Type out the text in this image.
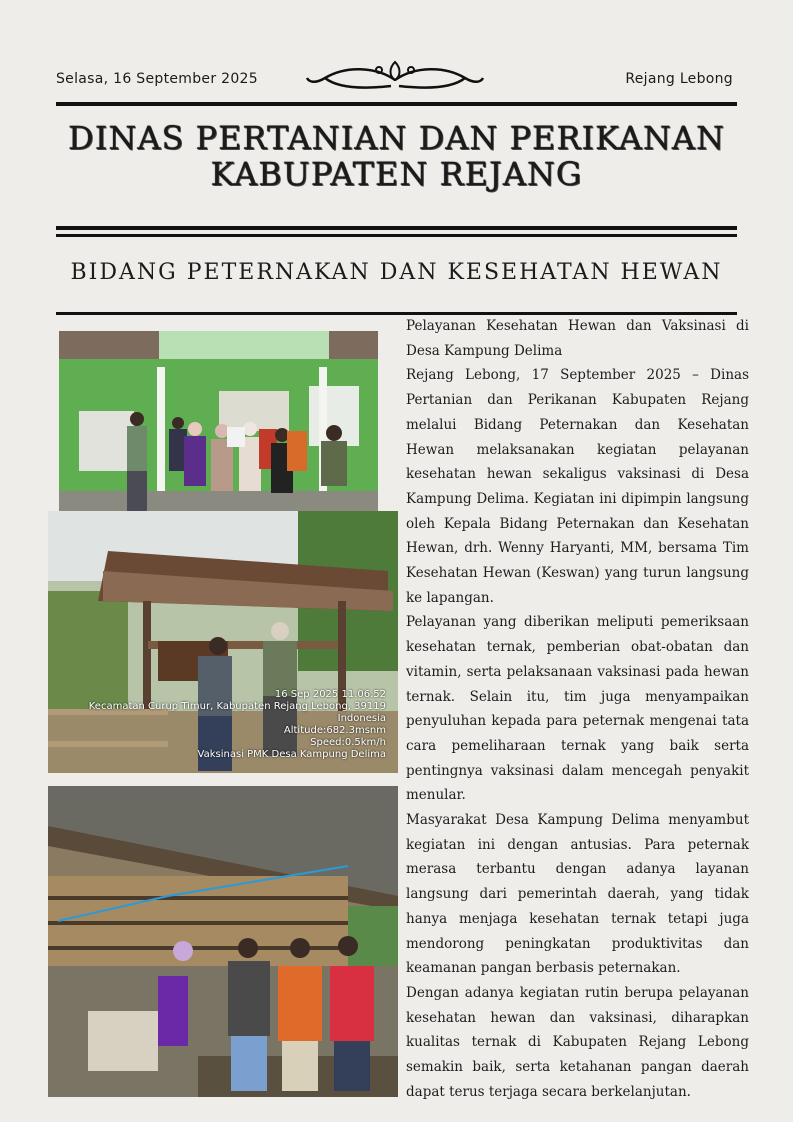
Selasa, 16 September 2025	Rejang Lebong
DINAS PERTANIAN DAN PERIKANAN
KABUPATEN REJANG
BIDANG PETERNAKAN DAN KESEHATAN HEWAN
16 Sep 2025 11.06.52
Kecamatan Curup Timur, Kabupaten Rejang Lebong, 39119
Indonesia
Altitude:682.3msnm
Speed:0.5km/h
Vaksinasi PMK Desa Kampung Delima

Pelayanan Kesehatan Hewan dan Vaksinasi di Desa Kampung Delima

Rejang Lebong, 17 September 2025 – Dinas Pertanian dan Perikanan Kabupaten Rejang melalui Bidang Peternakan dan Kesehatan Hewan melaksanakan kegiatan pelayanan kesehatan hewan sekaligus vaksinasi di Desa Kampung Delima. Kegiatan ini dipimpin langsung oleh Kepala Bidang Peternakan dan Kesehatan Hewan, drh. Wenny Haryanti, MM, bersama Tim Kesehatan Hewan (Keswan) yang turun langsung ke lapangan.

Pelayanan yang diberikan meliputi pemeriksaan kesehatan ternak, pemberian obat-obatan dan vitamin, serta pelaksanaan vaksinasi pada hewan ternak. Selain itu, tim juga menyampaikan penyuluhan kepada para peternak mengenai tata cara pemeliharaan ternak yang baik serta pentingnya vaksinasi dalam mencegah penyakit menular.

Masyarakat Desa Kampung Delima menyambut kegiatan ini dengan antusias. Para peternak merasa terbantu dengan adanya layanan langsung dari pemerintah daerah, yang tidak hanya menjaga kesehatan ternak tetapi juga mendorong peningkatan produktivitas dan keamanan pangan berbasis peternakan.

Dengan adanya kegiatan rutin berupa pelayanan kesehatan hewan dan vaksinasi, diharapkan kualitas ternak di Kabupaten Rejang Lebong semakin baik, serta ketahanan pangan daerah dapat terus terjaga secara berkelanjutan.
